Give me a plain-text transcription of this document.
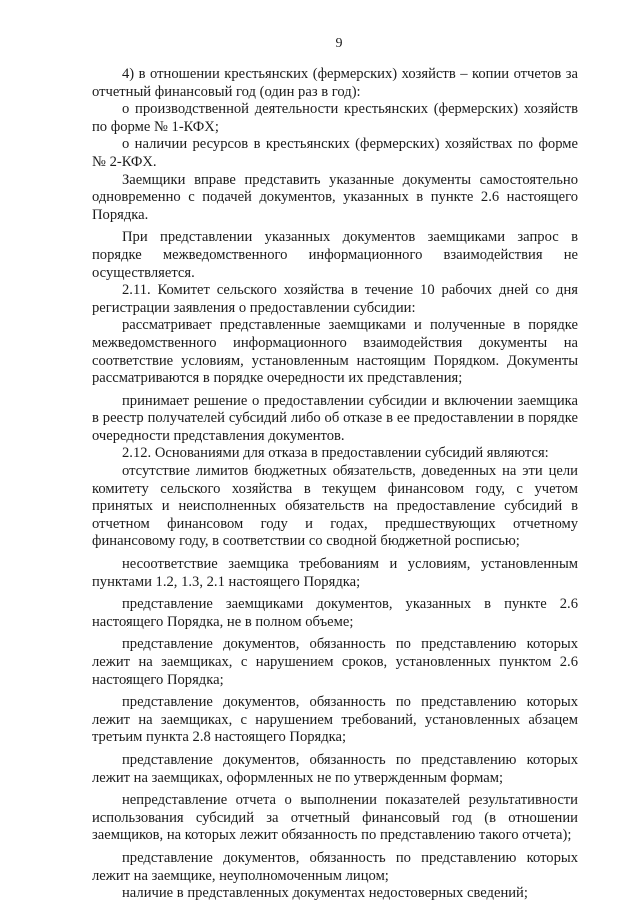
9

4) в отношении крестьянских (фермерских) хозяйств – копии отчетов за отчетный финансовый год (один раз в год):

о производственной деятельности крестьянских (фермерских) хозяйств по форме № 1-КФХ;

о наличии ресурсов в крестьянских (фермерских) хозяйствах по форме № 2-КФХ.

Заемщики вправе представить указанные документы самостоятельно одновременно с подачей документов, указанных в пункте 2.6 настоящего Порядка.

При представлении указанных документов заемщиками запрос в порядке межведомственного информационного взаимодействия не осуществляется.

2.11. Комитет сельского хозяйства в течение 10 рабочих дней со дня регистрации заявления о предоставлении субсидии:

рассматривает представленные заемщиками и полученные в порядке межведомственного информационного взаимодействия документы на соответствие условиям, установленным настоящим Порядком. Документы рассматриваются в порядке очередности их представления;

принимает решение о предоставлении субсидии и включении заемщика в реестр получателей субсидий либо об отказе в ее предоставлении в порядке очередности представления документов.

2.12. Основаниями для отказа в предоставлении субсидий являются:

отсутствие лимитов бюджетных обязательств, доведенных на эти цели комитету сельского хозяйства в текущем финансовом году, с учетом принятых и неисполненных обязательств на предоставление субсидий в отчетном финансовом году и годах, предшествующих отчетному финансовому году, в соответствии со сводной бюджетной росписью;

несоответствие заемщика требованиям и условиям, установленным пунктами 1.2, 1.3, 2.1 настоящего Порядка;

представление заемщиками документов, указанных в пункте 2.6 настоящего Порядка, не в полном объеме;

представление документов, обязанность по представлению которых лежит на заемщиках, с нарушением сроков, установленных пунктом 2.6 настоящего Порядка;

представление документов, обязанность по представлению которых лежит на заемщиках, с нарушением требований, установленных абзацем третьим пункта 2.8 настоящего Порядка;

представление документов, обязанность по представлению которых лежит на заемщиках, оформленных не по утвержденным формам;

непредставление отчета о выполнении показателей результативности использования субсидий за отчетный финансовый год (в отношении заемщиков, на которых лежит обязанность по представлению такого отчета);

представление документов, обязанность по представлению которых лежит на заемщике, неуполномоченным лицом;

наличие в представленных документах недостоверных сведений;
